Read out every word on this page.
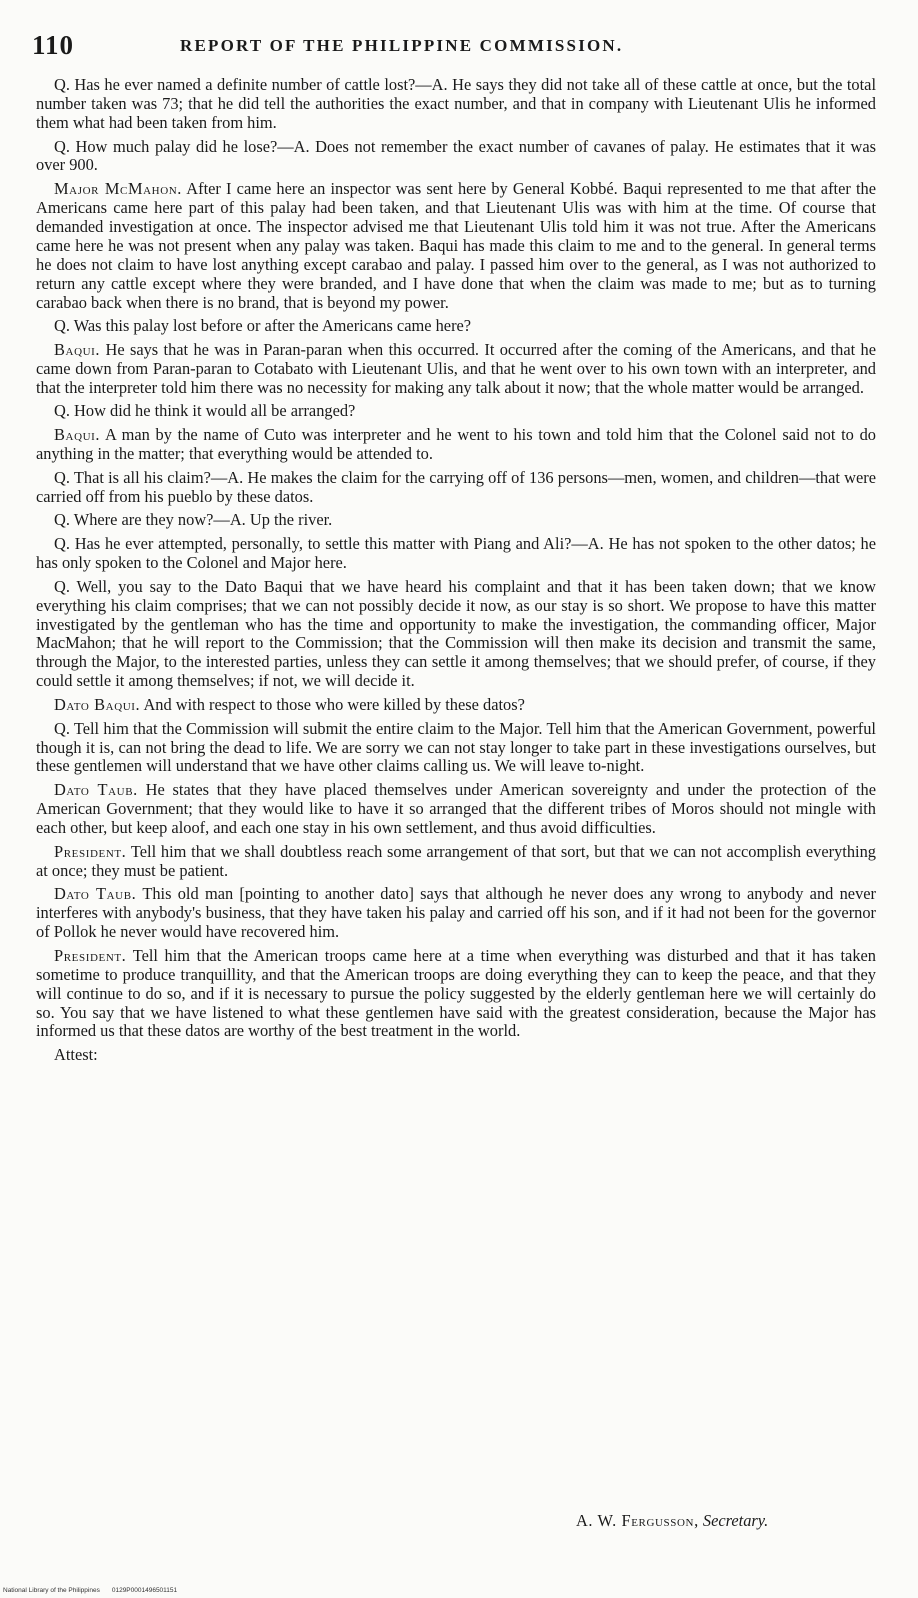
110	REPORT OF THE PHILIPPINE COMMISSION.

Q. Has he ever named a definite number of cattle lost?—A. He says they did not take all of these cattle at once, but the total number taken was 73; that he did tell the authorities the exact number, and that in company with Lieutenant Ulis he informed them what had been taken from him.

Q. How much palay did he lose?—A. Does not remember the exact number of cavanes of palay. He estimates that it was over 900.

Major McMahon. After I came here an inspector was sent here by General Kobbé. Baqui represented to me that after the Americans came here part of this palay had been taken, and that Lieutenant Ulis was with him at the time. Of course that demanded investigation at once. The inspector advised me that Lieutenant Ulis told him it was not true. After the Americans came here he was not present when any palay was taken. Baqui has made this claim to me and to the general. In general terms he does not claim to have lost anything except carabao and palay. I passed him over to the general, as I was not authorized to return any cattle except where they were branded, and I have done that when the claim was made to me; but as to turning carabao back when there is no brand, that is beyond my power.

Q. Was this palay lost before or after the Americans came here?

Baqui. He says that he was in Paran-paran when this occurred. It occurred after the coming of the Americans, and that he came down from Paran-paran to Cotabato with Lieutenant Ulis, and that he went over to his own town with an interpreter, and that the interpreter told him there was no necessity for making any talk about it now; that the whole matter would be arranged.

Q. How did he think it would all be arranged?

Baqui. A man by the name of Cuto was interpreter and he went to his town and told him that the Colonel said not to do anything in the matter; that everything would be attended to.

Q. That is all his claim?—A. He makes the claim for the carrying off of 136 persons—men, women, and children—that were carried off from his pueblo by these datos.

Q. Where are they now?—A. Up the river.

Q. Has he ever attempted, personally, to settle this matter with Piang and Ali?—A. He has not spoken to the other datos; he has only spoken to the Colonel and Major here.

Q. Well, you say to the Dato Baqui that we have heard his complaint and that it has been taken down; that we know everything his claim comprises; that we can not possibly decide it now, as our stay is so short. We propose to have this matter investigated by the gentleman who has the time and opportunity to make the investigation, the commanding officer, Major MacMahon; that he will report to the Commission; that the Commission will then make its decision and transmit the same, through the Major, to the interested parties, unless they can settle it among themselves; that we should prefer, of course, if they could settle it among themselves; if not, we will decide it.

Dato Baqui. And with respect to those who were killed by these datos?

Q. Tell him that the Commission will submit the entire claim to the Major. Tell him that the American Government, powerful though it is, can not bring the dead to life. We are sorry we can not stay longer to take part in these investigations ourselves, but these gentlemen will understand that we have other claims calling us. We will leave to-night.

Dato Taub. He states that they have placed themselves under American sovereignty and under the protection of the American Government; that they would like to have it so arranged that the different tribes of Moros should not mingle with each other, but keep aloof, and each one stay in his own settlement, and thus avoid difficulties.

President. Tell him that we shall doubtless reach some arrangement of that sort, but that we can not accomplish everything at once; they must be patient.

Dato Taub. This old man [pointing to another dato] says that although he never does any wrong to anybody and never interferes with anybody's business, that they have taken his palay and carried off his son, and if it had not been for the governor of Pollok he never would have recovered him.

President. Tell him that the American troops came here at a time when everything was disturbed and that it has taken sometime to produce tranquillity, and that the American troops are doing everything they can to keep the peace, and that they will continue to do so, and if it is necessary to pursue the policy suggested by the elderly gentleman here we will certainly do so. You say that we have listened to what these gentlemen have said with the greatest consideration, because the Major has informed us that these datos are worthy of the best treatment in the world.

Attest:

A. W. Fergusson, Secretary.
National Library of the Philippines 0129P0001496501151
